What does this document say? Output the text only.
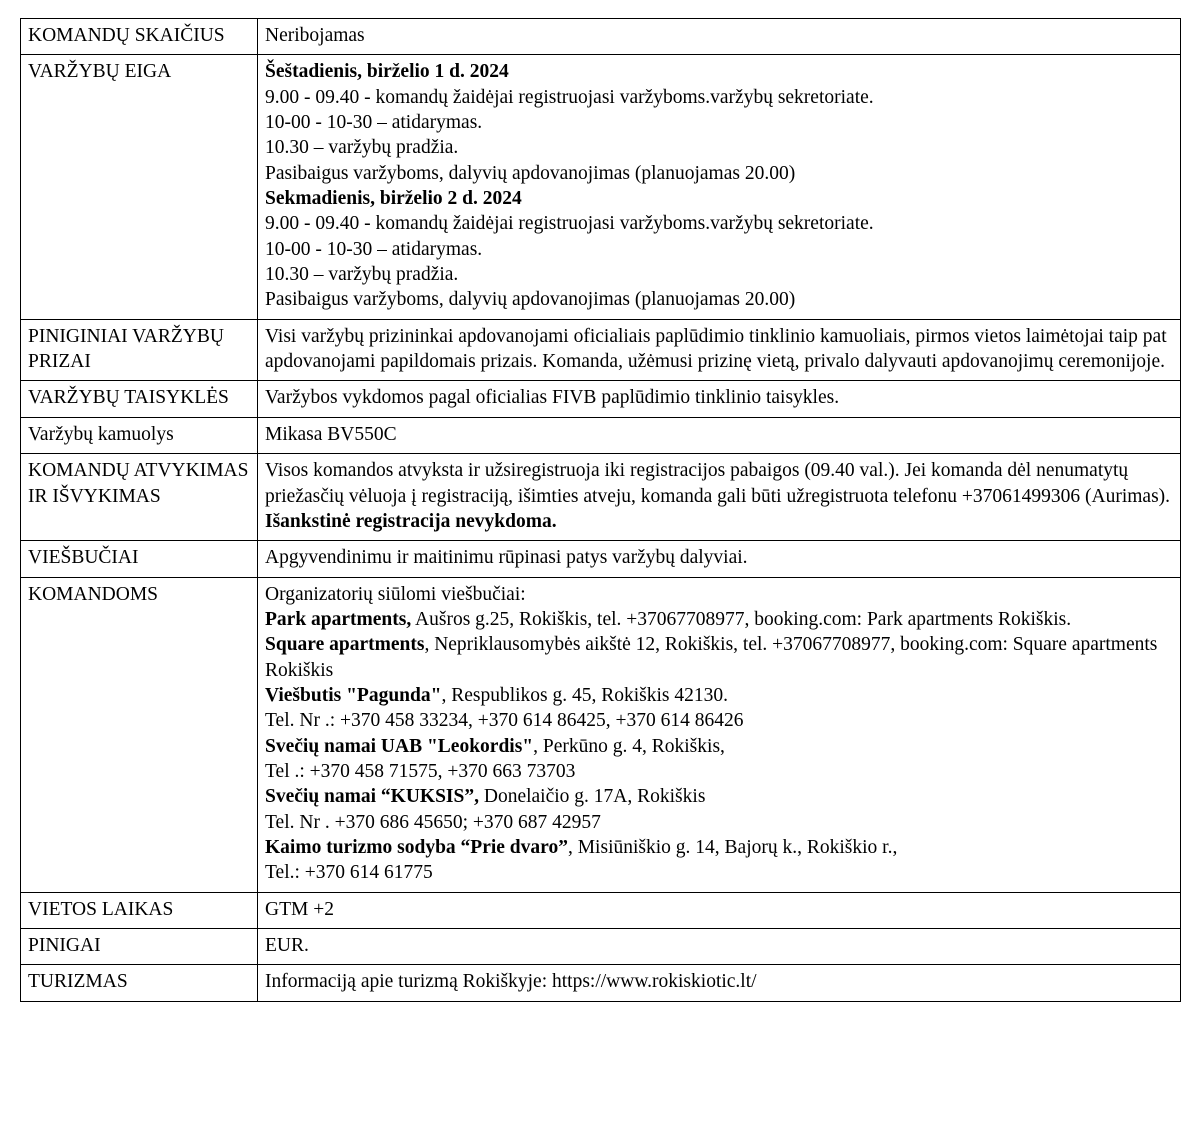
KOMANDŲ SKAIČIUS	Neribojamas

VARŽYBŲ EIGA	Šeštadienis, birželio 1 d. 2024

9.00 - 09.40 - komandų žaidėjai registruojasi varžyboms.varžybų sekretoriate.

10-00 - 10-30 – atidarymas.

10.30 – varžybų pradžia.

Pasibaigus varžyboms, dalyvių apdovanojimas (planuojamas 20.00)

Sekmadienis, birželio 2 d. 2024

9.00 - 09.40 - komandų žaidėjai registruojasi varžyboms.varžybų sekretoriate.

10-00 - 10-30 – atidarymas.

10.30 – varžybų pradžia.

Pasibaigus varžyboms, dalyvių apdovanojimas (planuojamas 20.00)

PINIGINIAI VARŽYBŲ PRIZAI	Visi varžybų prizininkai apdovanojami oficialiais paplūdimio tinklinio kamuoliais, pirmos vietos laimėtojai taip pat apdovanojami papildomais prizais. Komanda, užėmusi prizinę vietą, privalo dalyvauti apdovanojimų ceremonijoje.

VARŽYBŲ TAISYKLĖS	Varžybos vykdomos pagal oficialias FIVB paplūdimio tinklinio taisykles.

Varžybų kamuolys	Mikasa BV550C

KOMANDŲ ATVYKIMAS IR IŠVYKIMAS	Visos komandos atvyksta ir užsiregistruoja iki registracijos pabaigos (09.40 val.). Jei komanda dėl nenumatytų priežasčių vėluoja į registraciją, išimties atveju, komanda gali būti užregistruota telefonu +37061499306 (Aurimas). Išankstinė registracija nevykdoma.

VIEŠBUČIAI	Apgyvendinimu ir maitinimu rūpinasi patys varžybų dalyviai.

KOMANDOMS	Organizatorių siūlomi viešbučiai:

Park apartments, Aušros g.25, Rokiškis, tel. +37067708977, booking.com: Park apartments Rokiškis.

Square apartments, Nepriklausomybės aikštė 12, Rokiškis, tel. +37067708977, booking.com: Square apartments Rokiškis

Viešbutis "Pagunda", Respublikos g. 45, Rokiškis 42130.

Tel. Nr .: +370 458 33234, +370 614 86425, +370 614 86426

Svečių namai UAB "Leokordis", Perkūno g. 4, Rokiškis,

Tel .: +370 458 71575, +370 663 73703

Svečių namai “KUKSIS”, Donelaičio g. 17A, Rokiškis

Tel. Nr . +370 686 45650; +370 687 42957

Kaimo turizmo sodyba “Prie dvaro”, Misiūniškio g. 14, Bajorų k., Rokiškio r.,

Tel.: +370 614 61775

VIETOS LAIKAS	GTM +2

PINIGAI	EUR.

TURIZMAS	Informaciją apie turizmą Rokiškyje: https://www.rokiskiotic.lt/
